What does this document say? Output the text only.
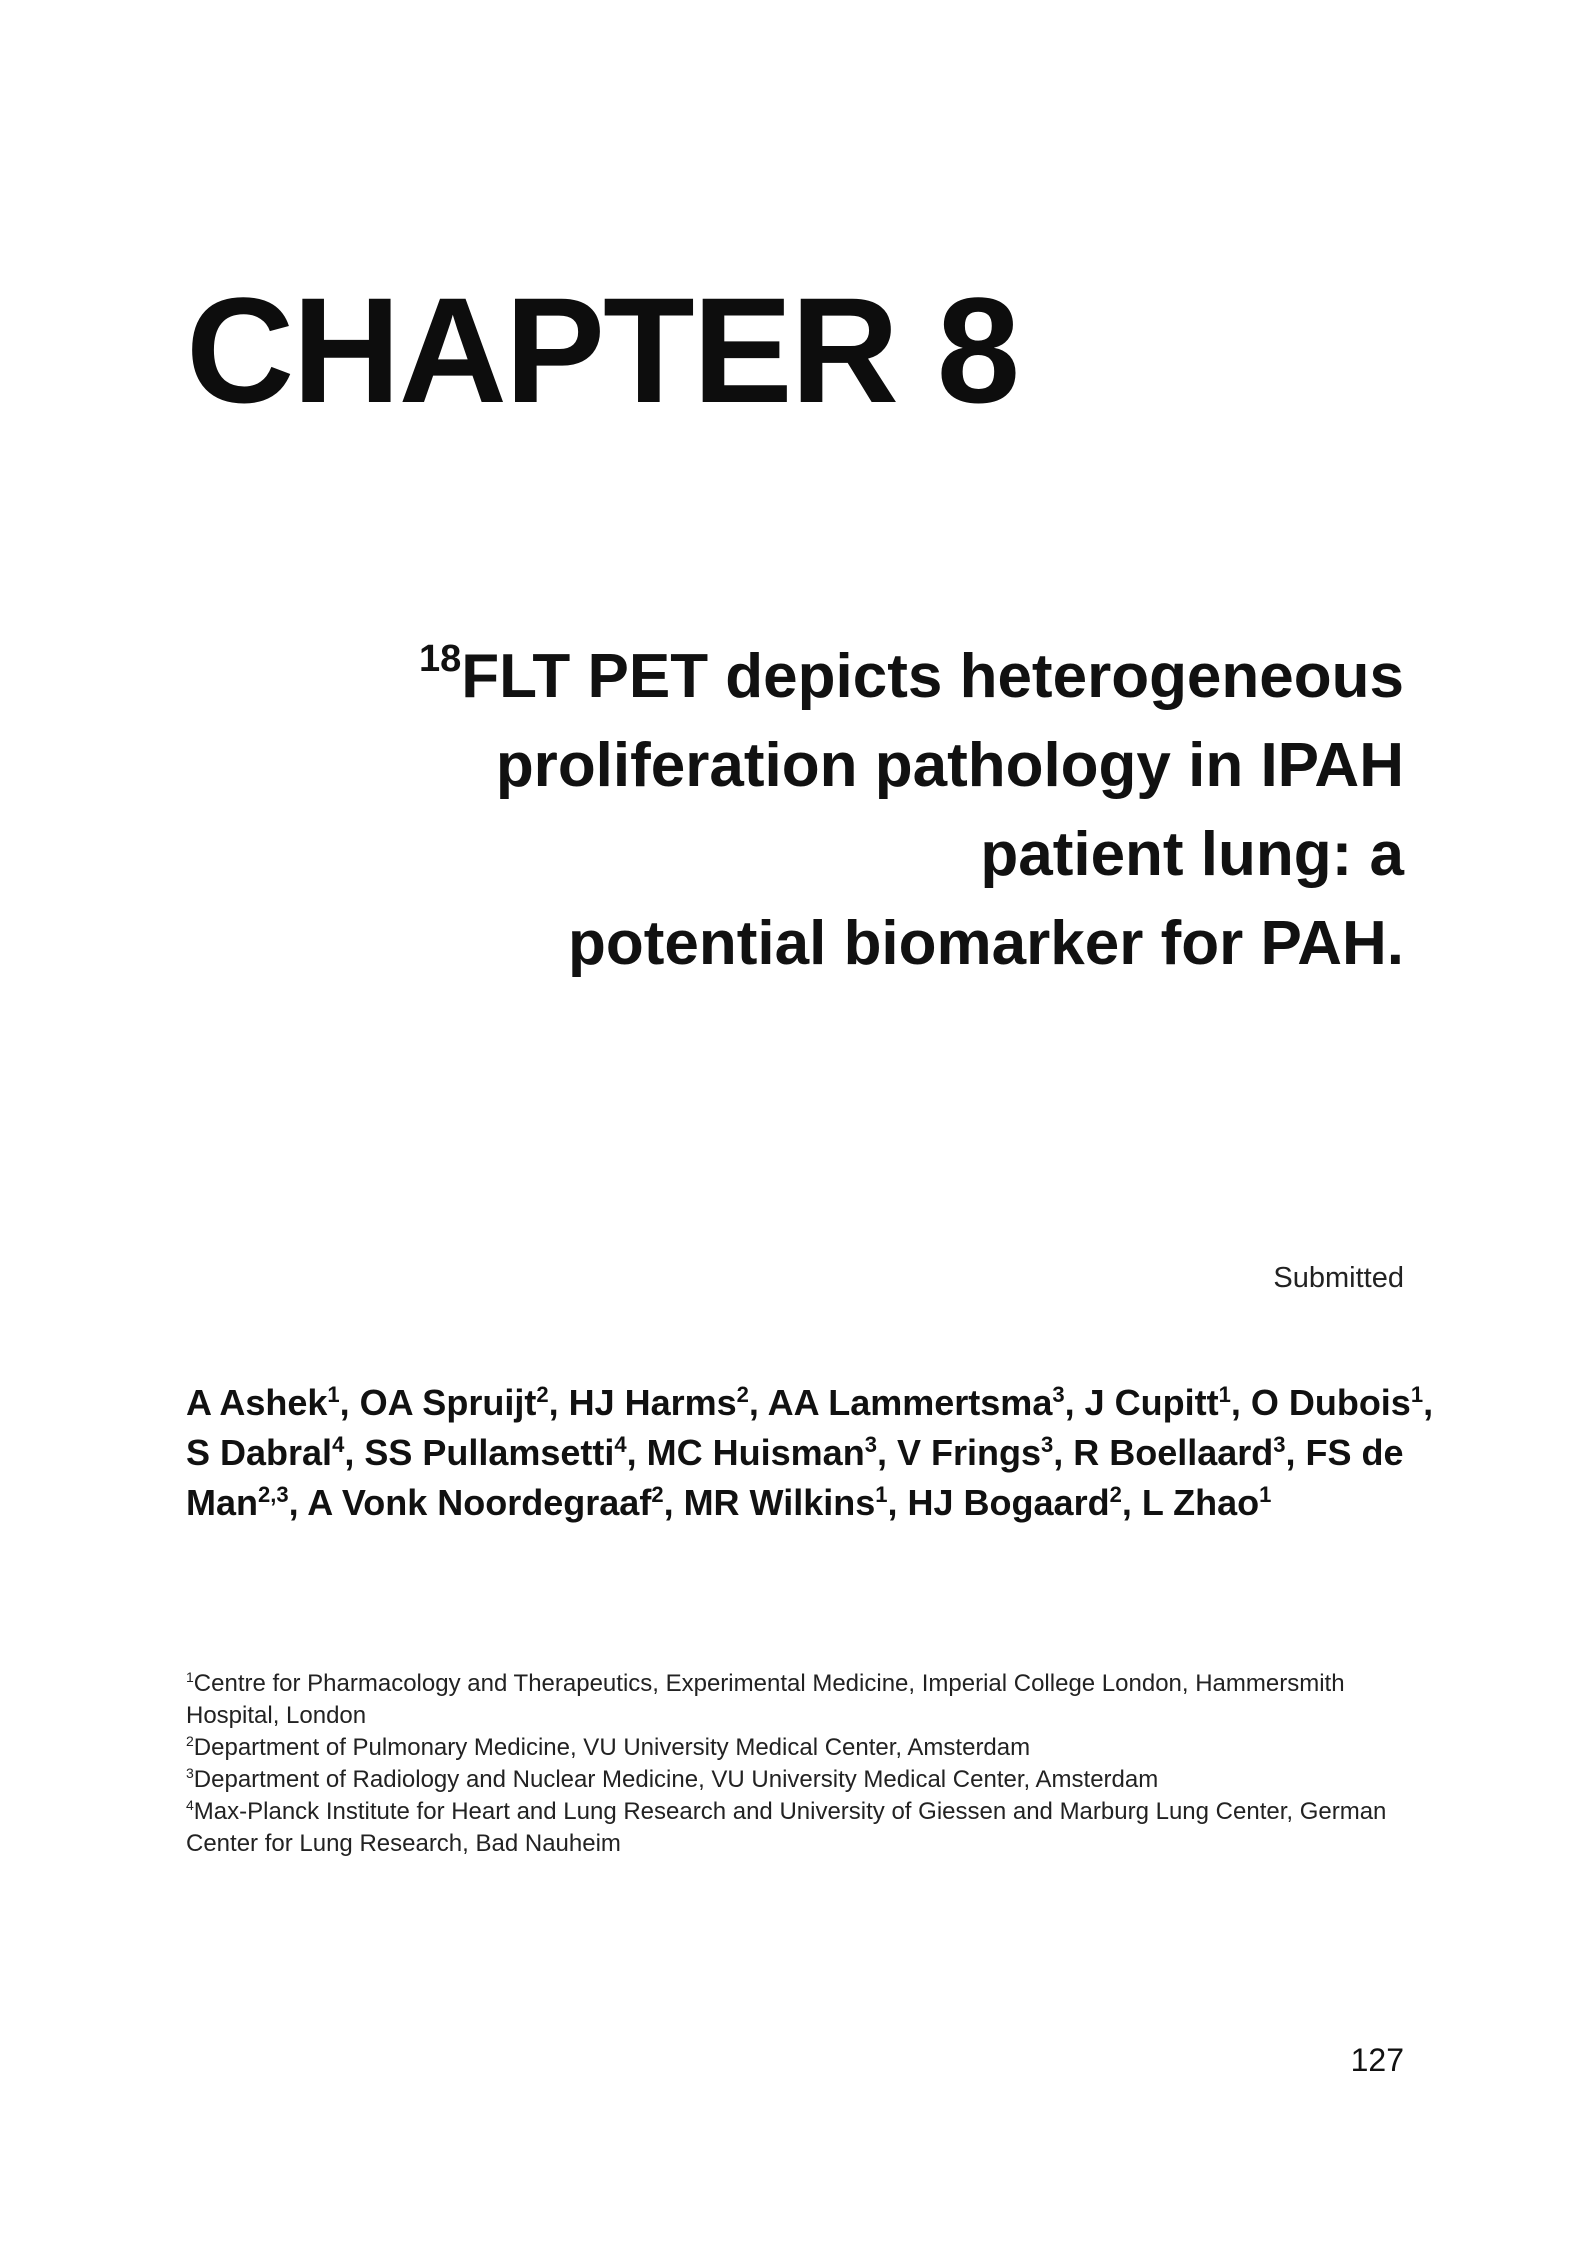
CHAPTER 8
$^{18}$FLT PET depicts heterogeneous
proliferation pathology in IPAH
patient lung: a
potential biomarker for PAH.

Submitted

A Ashek$^1$, OA Spruijt$^2$, HJ Harms$^2$, AA Lammertsma$^3$, J Cupitt$^1$, O Dubois$^1$,
S Dabral$^4$, SS Pullamsetti$^4$, MC Huisman$^3$, V Frings$^3$, R Boellaard$^3$, FS de
Man$^{2,3}$, A Vonk Noordegraaf$^2$, MR Wilkins$^1$, HJ Bogaard$^2$, L Zhao$^1$

$^1$Centre for Pharmacology and Therapeutics, Experimental Medicine, Imperial College London, Hammersmith Hospital, London
$^2$Department of Pulmonary Medicine, VU University Medical Center, Amsterdam
$^3$Department of Radiology and Nuclear Medicine, VU University Medical Center, Amsterdam
$^4$Max-Planck Institute for Heart and Lung Research and University of Giessen and Marburg Lung Center, German Center for Lung Research, Bad Nauheim

127
